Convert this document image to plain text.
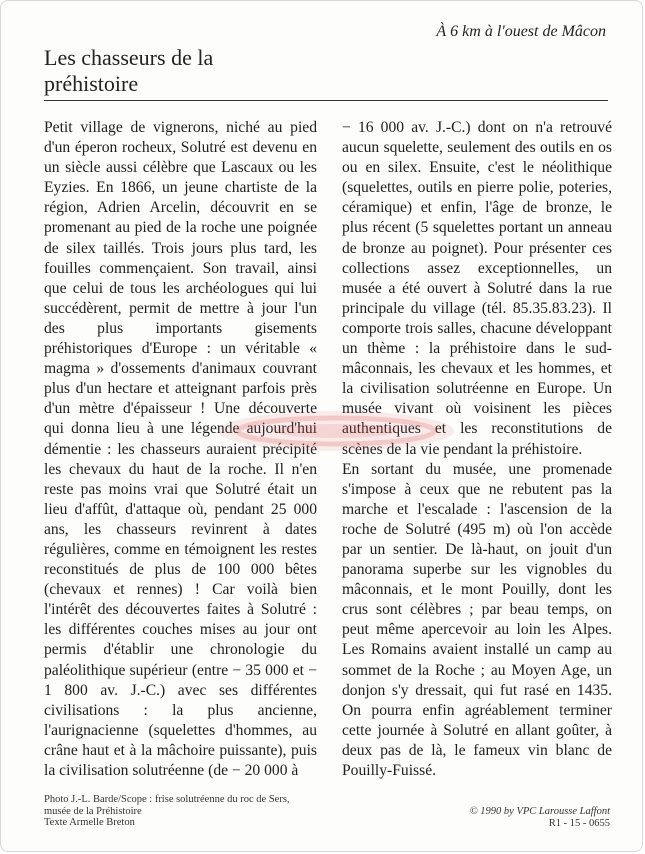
À 6 km à l'ouest de Mâcon
Les chasseurs de la préhistoire

Petit village de vignerons, niché au pied d'un éperon rocheux, Solutré est devenu en un siècle aussi célèbre que Lascaux ou les Eyzies. En 1866, un jeune chartiste de la région, Adrien Arcelin, découvrit en se promenant au pied de la roche une poignée de silex taillés. Trois jours plus tard, les fouilles commençaient. Son travail, ainsi que celui de tous les archéologues qui lui succédèrent, permit de mettre à jour l'un des plus importants gisements préhistoriques d'Europe : un véritable « magma » d'ossements d'animaux couvrant plus d'un hectare et atteignant parfois près d'un mètre d'épaisseur ! Une découverte qui donna lieu à une légende aujourd'hui démentie : les chasseurs auraient précipité les chevaux du haut de la roche. Il n'en reste pas moins vrai que Solutré était un lieu d'affût, d'attaque où, pendant 25 000 ans, les chasseurs revinrent à dates régulières, comme en témoignent les restes reconstitués de plus de 100 000 bêtes (chevaux et rennes) ! Car voilà bien l'intérêt des découvertes faites à Solutré : les différentes couches mises au jour ont permis d'établir une chronologie du paléolithique supérieur (entre − 35 000 et − 1 800 av. J.-C.) avec ses différentes civilisations : la plus ancienne, l'aurignacienne (squelettes d'hommes, au crâne haut et à la mâchoire puissante), puis la civilisation solutréenne (de − 20 000 à

− 16 000 av. J.-C.) dont on n'a retrouvé aucun squelette, seulement des outils en os ou en silex. Ensuite, c'est le néolithique (squelettes, outils en pierre polie, poteries, céramique) et enfin, l'âge de bronze, le plus récent (5 squelettes portant un anneau de bronze au poignet). Pour présenter ces collections assez exceptionnelles, un musée a été ouvert à Solutré dans la rue principale du village (tél. 85.35.83.23). Il comporte trois salles, chacune développant un thème : la préhistoire dans le sud-mâconnais, les chevaux et les hommes, et la civilisation solutréenne en Europe. Un musée vivant où voisinent les pièces authentiques et les reconstitutions de scènes de la vie pendant la préhistoire.

En sortant du musée, une promenade s'impose à ceux que ne rebutent pas la marche et l'escalade : l'ascension de la roche de Solutré (495 m) où l'on accède par un sentier. De là-haut, on jouit d'un panorama superbe sur les vignobles du mâconnais, et le mont Pouilly, dont les crus sont célèbres ; par beau temps, on peut même apercevoir au loin les Alpes. Les Romains avaient installé un camp au sommet de la Roche ; au Moyen Age, un donjon s'y dressait, qui fut rasé en 1435. On pourra enfin agréablement terminer cette journée à Solutré en allant goûter, à deux pas de là, le fameux vin blanc de Pouilly-Fuissé.

Photo J.-L. Barde/Scope : frise solutréenne du roc de Sers,
musée de la Préhistoire
Texte Armelle Breton
© 1990 by VPC Larousse Laffont
R1 - 15 - 0655
